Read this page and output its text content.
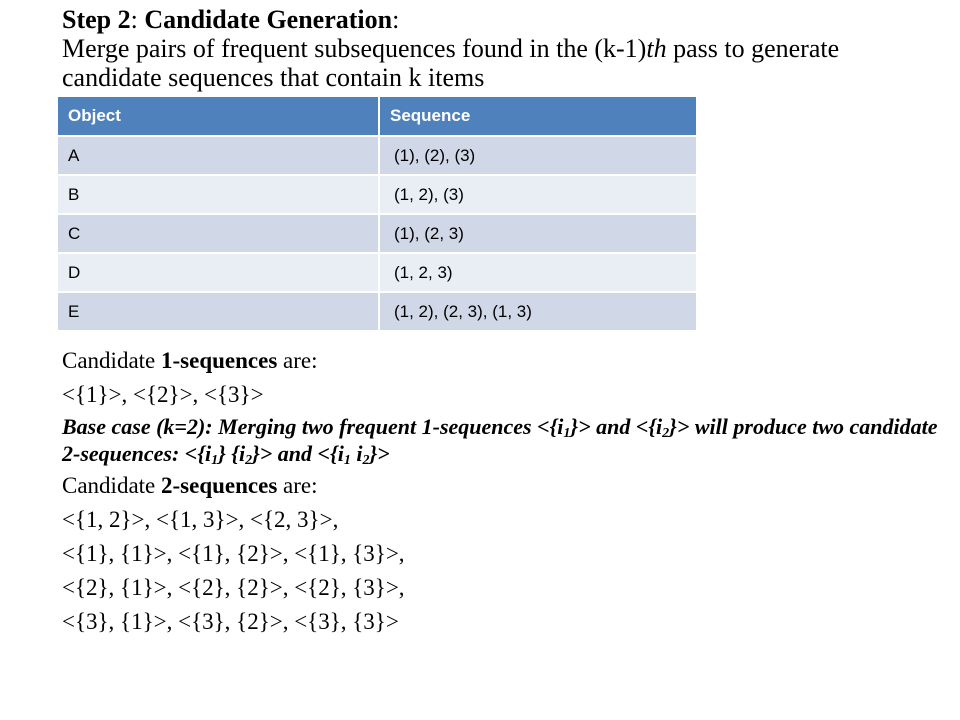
Step 2: Candidate Generation:
Merge pairs of frequent subsequences found in the (k-1)th pass to generate candidate sequences that contain k items
Object	Sequence
A	(1), (2), (3)
B	(1, 2), (3)
C	(1), (2, 3)
D	(1, 2, 3)
E	(1, 2), (2, 3), (1, 3)
Candidate 1-sequences are:
<{1}>, <{2}>, <{3}>
Base case (k=2): Merging two frequent 1-sequences $<\{i_1\}>$ and $<\{i_2\}>$ will produce two candidate 2-sequences: $<\{i_1\}$ $\{i_2\}>$ and $<\{i_1$ $i_2\}>$
Candidate 2-sequences are:
<{1, 2}>, <{1, 3}>, <{2, 3}>,
<{1}, {1}>, <{1}, {2}>, <{1}, {3}>,
<{2}, {1}>, <{2}, {2}>, <{2}, {3}>,
<{3}, {1}>, <{3}, {2}>, <{3}, {3}>
